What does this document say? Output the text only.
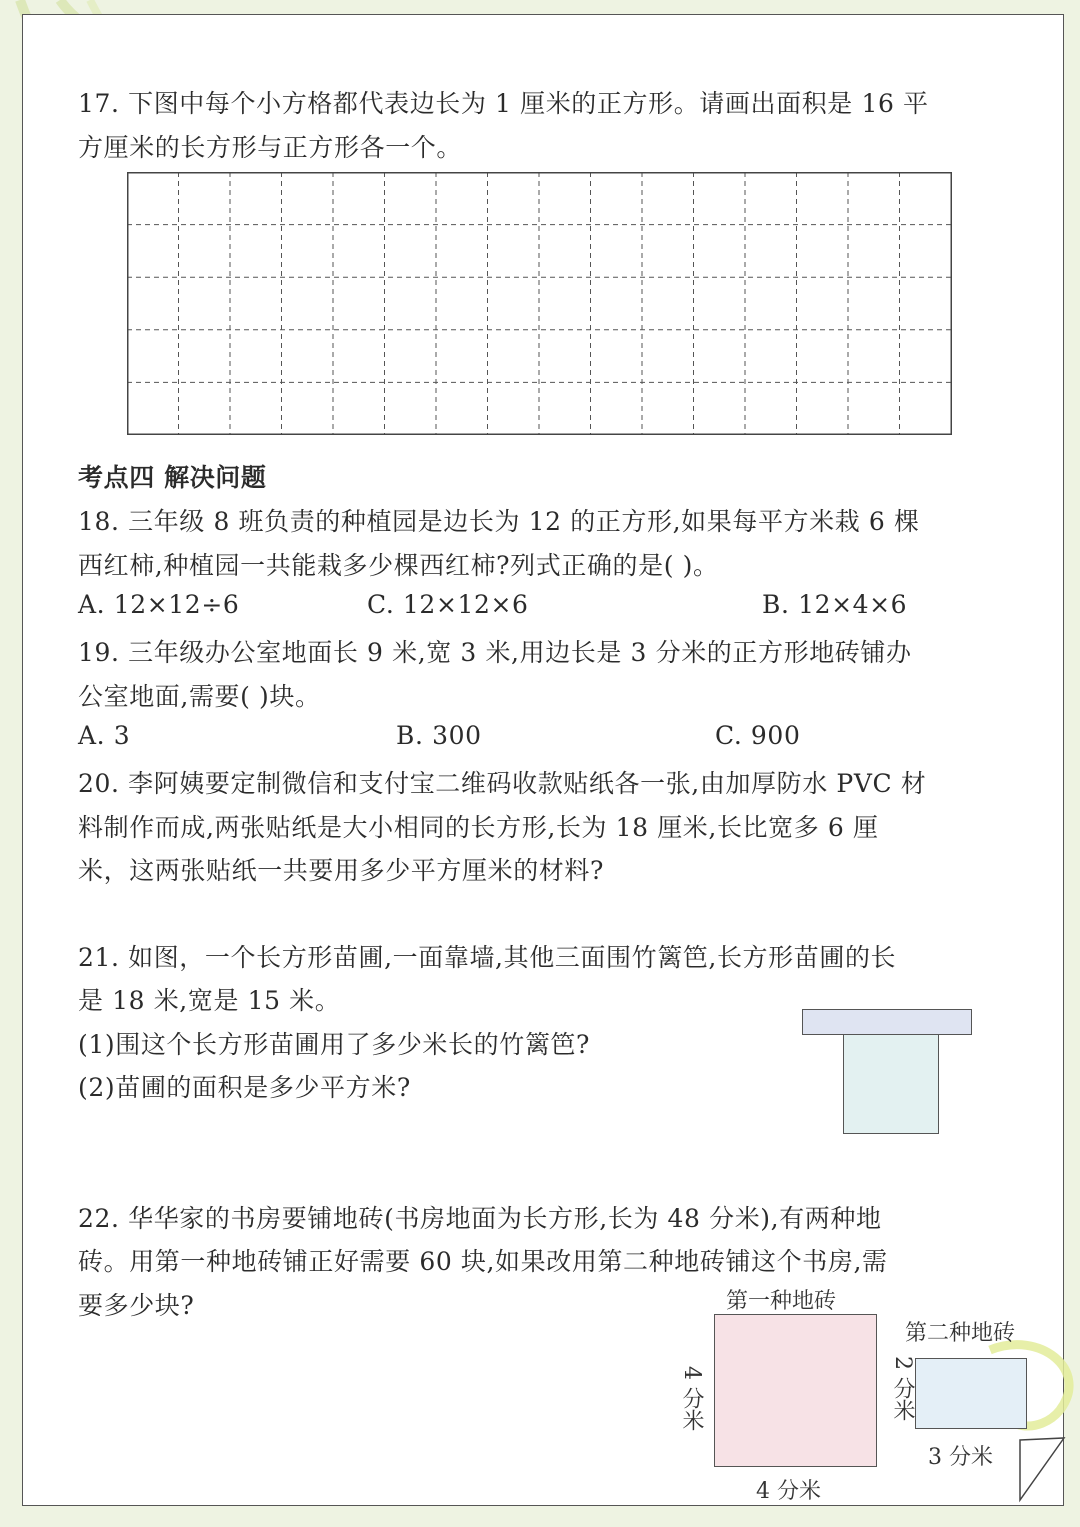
17. 下图中每个小方格都代表边长为 1 厘米的正方形。请画出面积是 16 平
方厘米的长方形与正方形各一个。
考点四 解决问题
18. 三年级 8 班负责的种植园是边长为 12 的正方形,如果每平方米栽 6 棵
西红柿,种植园一共能栽多少棵西红柿?列式正确的是( )。
A. 12×12÷6	C. 12×12×6	B. 12×4×6
19. 三年级办公室地面长 9 米,宽 3 米,用边长是 3 分米的正方形地砖铺办
公室地面,需要( )块。
A. 3	B. 300	C. 900
20. 李阿姨要定制微信和支付宝二维码收款贴纸各一张,由加厚防水 PVC 材
料制作而成,两张贴纸是大小相同的长方形,长为 18 厘米,长比宽多 6 厘
米，这两张贴纸一共要用多少平方厘米的材料?
21. 如图，一个长方形苗圃,一面靠墙,其他三面围竹篱笆,长方形苗圃的长
是 18 米,宽是 15 米。
(1)围这个长方形苗圃用了多少米长的竹篱笆?
(2)苗圃的面积是多少平方米?
22. 华华家的书房要铺地砖(书房地面为长方形,长为 48 分米),有两种地
砖。用第一种地砖铺正好需要 60 块,如果改用第二种地砖铺这个书房,需
要多少块?	第一种地砖
4 分米
4 分米
第二种地砖
2 分米
3 分米
